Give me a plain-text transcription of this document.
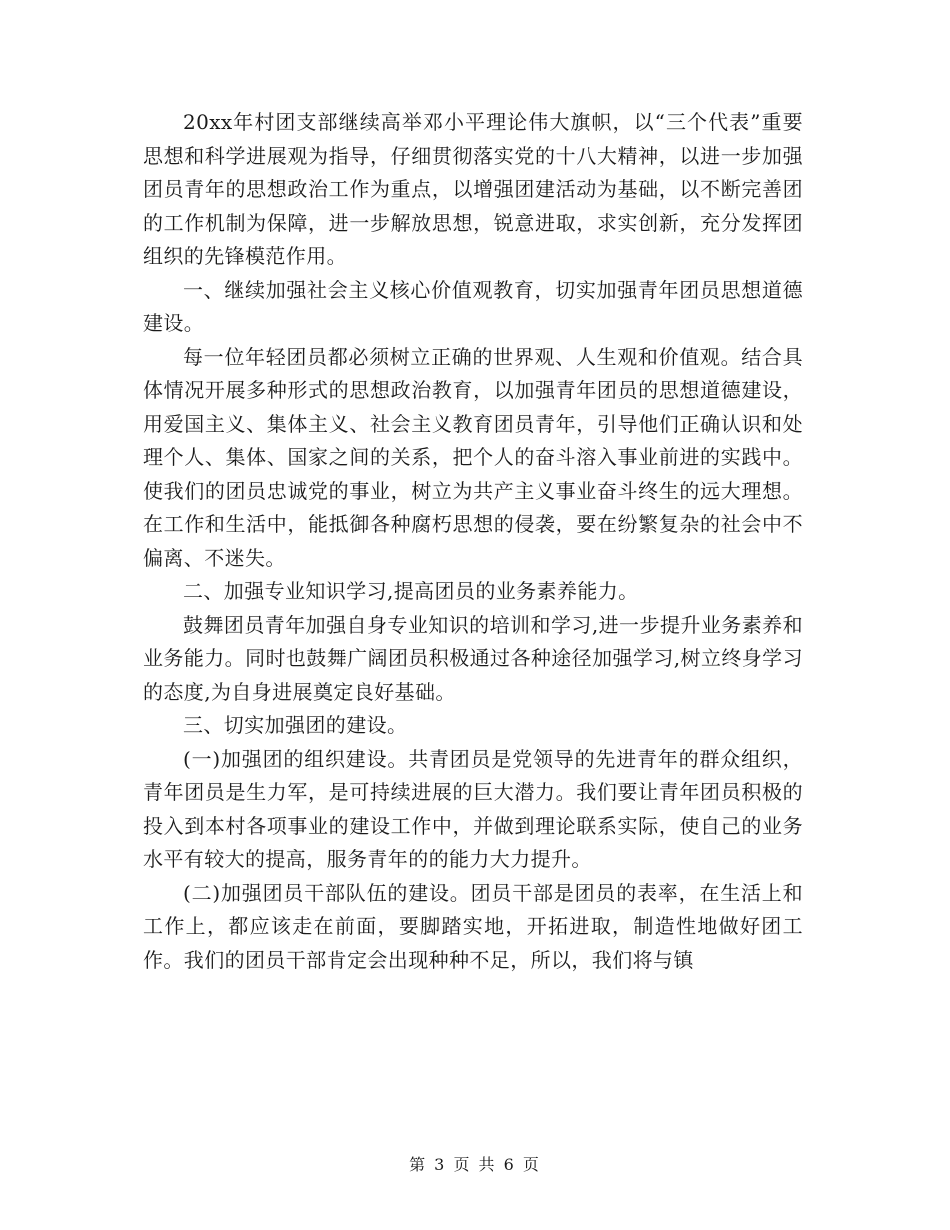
20xx年村团支部继续高举邓小平理论伟大旗帜，以“三个代表”重要思想和科学进展观为指导，仔细贯彻落实党的十八大精神，以进一步加强团员青年的思想政治工作为重点，以增强团建活动为基础，以不断完善团的工作机制为保障，进一步解放思想，锐意进取，求实创新，充分发挥团组织的先锋模范作用。

一、继续加强社会主义核心价值观教育，切实加强青年团员思想道德建设。

每一位年轻团员都必须树立正确的世界观、人生观和价值观。结合具体情况开展多种形式的思想政治教育，以加强青年团员的思想道德建设，用爱国主义、集体主义、社会主义教育团员青年，引导他们正确认识和处理个人、集体、国家之间的关系，把个人的奋斗溶入事业前进的实践中。使我们的团员忠诚党的事业，树立为共产主义事业奋斗终生的远大理想。在工作和生活中，能抵御各种腐朽思想的侵袭，要在纷繁复杂的社会中不偏离、不迷失。

二、加强专业知识学习,提高团员的业务素养能力。

鼓舞团员青年加强自身专业知识的培训和学习,进一步提升业务素养和业务能力。同时也鼓舞广阔团员积极通过各种途径加强学习,树立终身学习的态度,为自身进展奠定良好基础。

三、切实加强团的建设。

(一)加强团的组织建设。共青团员是党领导的先进青年的群众组织，青年团员是生力军，是可持续进展的巨大潜力。我们要让青年团员积极的投入到本村各项事业的建设工作中，并做到理论联系实际，使自己的业务水平有较大的提高，服务青年的的能力大力提升。

(二)加强团员干部队伍的建设。团员干部是团员的表率，在生活上和工作上，都应该走在前面，要脚踏实地，开拓进取，制造性地做好团工作。我们的团员干部肯定会出现种种不足，所以，我们将与镇

第 3 页 共 6 页
